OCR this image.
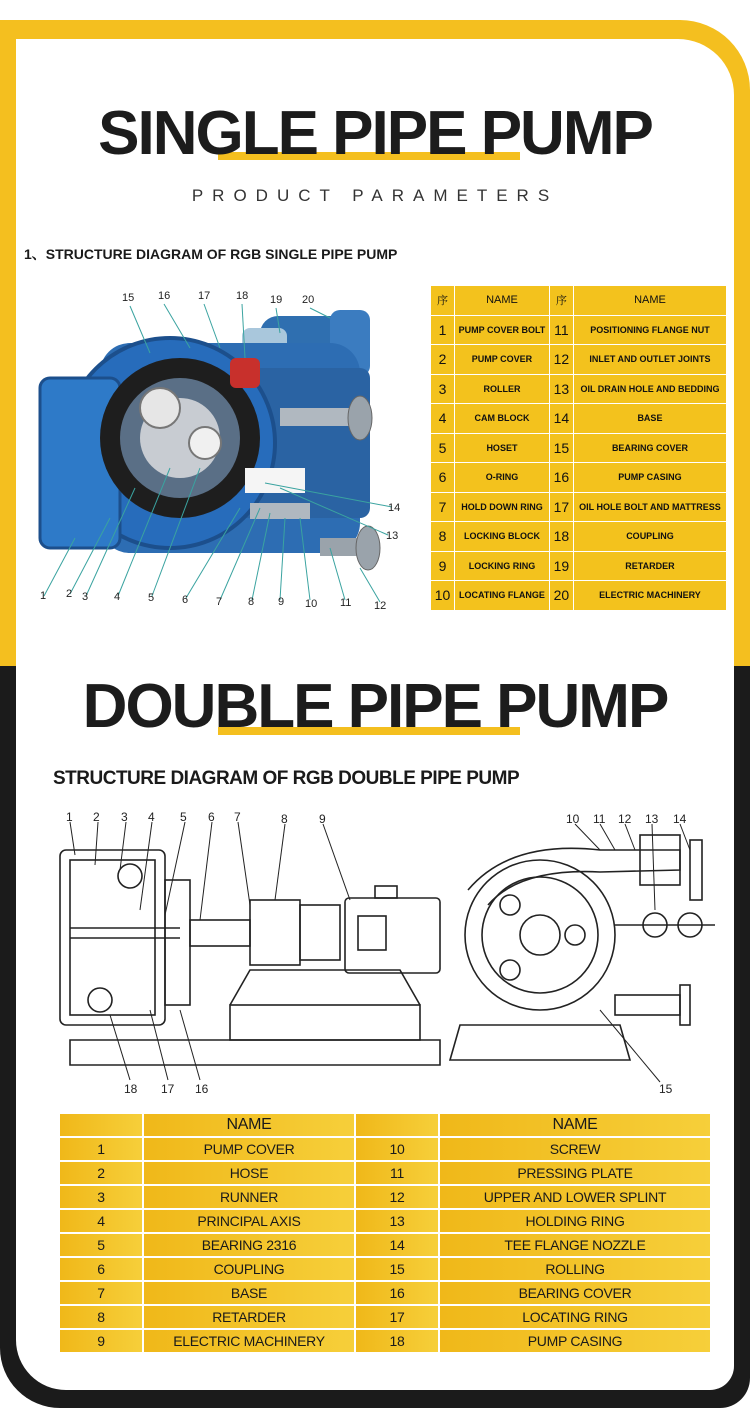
SINGLE PIPE PUMP
PRODUCT PARAMETERS
1、STRUCTURE DIAGRAM OF RGB SINGLE PIPE PUMP
1 2 3 4	5	6	7 8 9 10 11 12
13
14
15 16	17 18 19 20	序	NAME	序	NAME
1	PUMP COVER BOLT	11	POSITIONING FLANGE NUT
2	PUMP COVER	12	INLET AND OUTLET JOINTS
3	ROLLER	13	OIL DRAIN HOLE AND BEDDING
4	CAM BLOCK	14	BASE
5	HOSET	15	BEARING COVER
6	O-RING	16	PUMP CASING
7	HOLD DOWN RING	17	OIL HOLE BOLT AND MATTRESS
8	LOCKING BLOCK	18	COUPLING
9	LOCKING RING	19	RETARDER
10	LOCATING FLANGE	20	ELECTRIC MACHINERY
DOUBLE PIPE PUMP
STRUCTURE DIAGRAM OF RGB DOUBLE PIPE PUMP
1 2 3 4 5 6 7	8	9	10 11 12 13 14
15
16
17
18
	NAME		NAME
1	PUMP COVER	10	SCREW
2	HOSE	11	PRESSING PLATE
3	RUNNER	12	UPPER AND LOWER SPLINT
4	PRINCIPAL AXIS	13	HOLDING RING
5	BEARING 2316	14	TEE FLANGE NOZZLE
6	COUPLING	15	ROLLING
7	BASE	16	BEARING COVER
8	RETARDER	17	LOCATING RING
9	ELECTRIC MACHINERY	18	PUMP CASING
